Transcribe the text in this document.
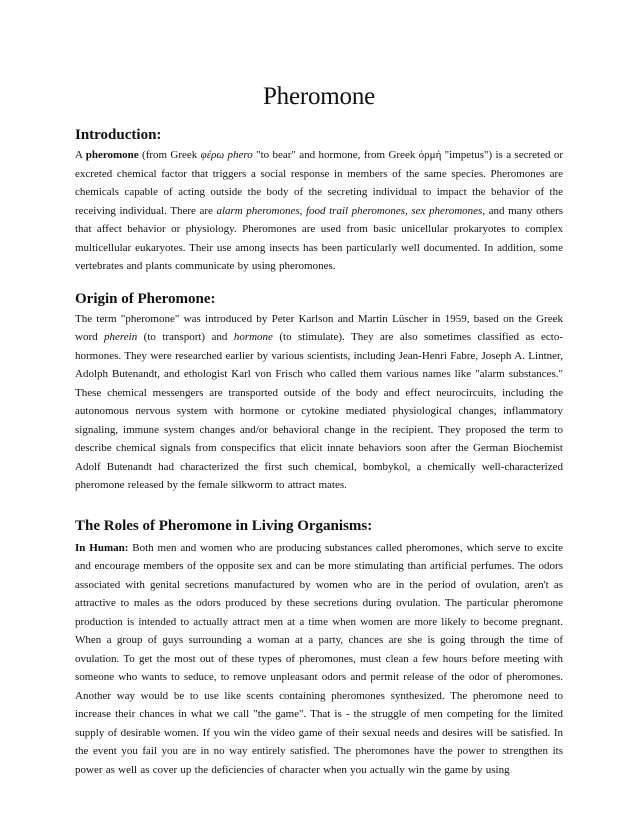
Pheromone
Introduction:

A pheromone (from Greek φέρω phero "to bear" and hormone, from Greek ὁρμή "impetus") is a secreted or excreted chemical factor that triggers a social response in members of the same species. Pheromones are chemicals capable of acting outside the body of the secreting individual to impact the behavior of the receiving individual. There are alarm pheromones, food trail pheromones, sex pheromones, and many others that affect behavior or physiology. Pheromones are used from basic unicellular prokaryotes to complex multicellular eukaryotes. Their use among insects has been particularly well documented. In addition, some vertebrates and plants communicate by using pheromones.

Origin of Pheromone:

The term "pheromone" was introduced by Peter Karlson and Martin Lüscher in 1959, based on the Greek word pherein (to transport) and hormone (to stimulate). They are also sometimes classified as ecto-hormones. They were researched earlier by various scientists, including Jean-Henri Fabre, Joseph A. Lintner, Adolph Butenandt, and ethologist Karl von Frisch who called them various names like "alarm substances." These chemical messengers are transported outside of the body and effect neurocircuits, including the autonomous nervous system with hormone or cytokine mediated physiological changes, inflammatory signaling, immune system changes and/or behavioral change in the recipient. They proposed the term to describe chemical signals from conspecifics that elicit innate behaviors soon after the German Biochemist Adolf Butenandt had characterized the first such chemical, bombykol, a chemically well-characterized pheromone released by the female silkworm to attract mates.

The Roles of Pheromone in Living Organisms:

In Human: Both men and women who are producing substances called pheromones, which serve to excite and encourage members of the opposite sex and can be more stimulating than artificial perfumes. The odors associated with genital secretions manufactured by women who are in the period of ovulation, aren't as attractive to males as the odors produced by these secretions during ovulation. The particular pheromone production is intended to actually attract men at a time when women are more likely to become pregnant. When a group of guys surrounding a woman at a party, chances are she is going through the time of ovulation. To get the most out of these types of pheromones, must clean a few hours before meeting with someone who wants to seduce, to remove unpleasant odors and permit release of the odor of pheromones. Another way would be to use like scents containing pheromones synthesized. The pheromone need to increase their chances in what we call "the game". That is - the struggle of men competing for the limited supply of desirable women. If you win the video game of their sexual needs and desires will be satisfied. In the event you fail you are in no way entirely satisfied. The pheromones have the power to strengthen its power as well as cover up the deficiencies of character when you actually win the game by using
